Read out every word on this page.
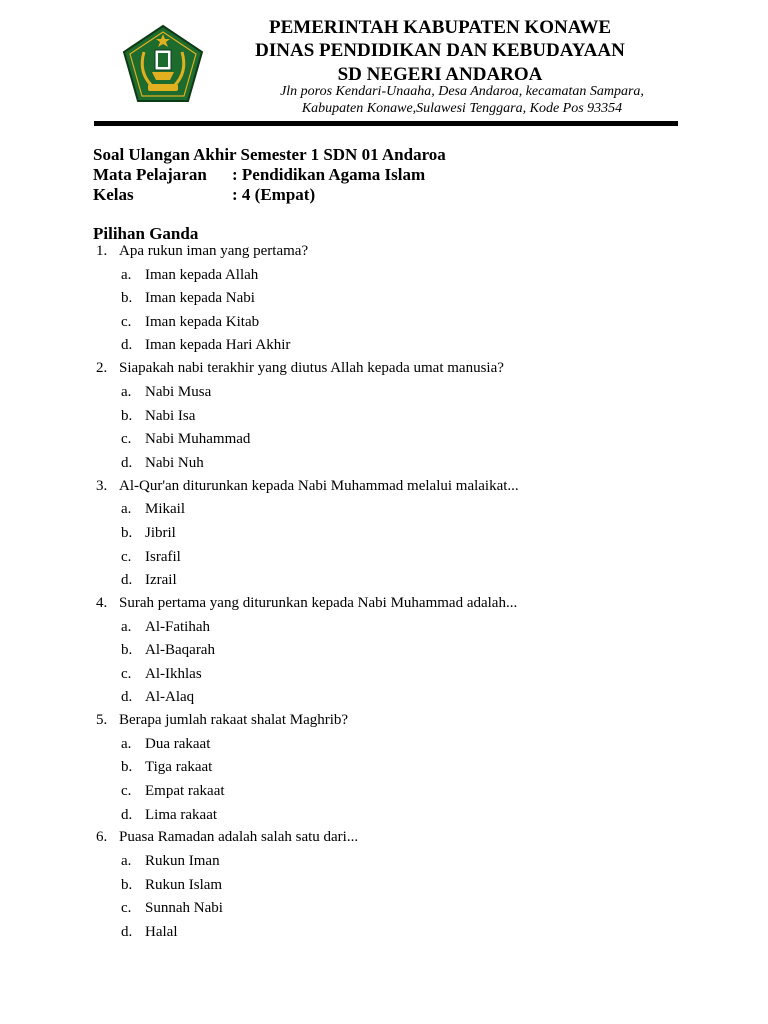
PEMERINTAH KABUPATEN KONAWE
DINAS PENDIDIKAN DAN KEBUDAYAAN
SD NEGERI ANDAROA
Jln poros Kendari-Unaaha, Desa Andaroa, kecamatan Sampara,
Kabupaten Konawe,Sulawesi Tenggara, Kode Pos 93354
Soal Ulangan Akhir Semester 1 SDN 01 Andaroa
Mata Pelajaran : Pendidikan Agama Islam
Kelas	: 4 (Empat)
Pilihan Ganda
1. Apa rukun iman yang pertama?
a. Iman kepada Allah
b. Iman kepada Nabi
c. Iman kepada Kitab
d. Iman kepada Hari Akhir
2. Siapakah nabi terakhir yang diutus Allah kepada umat manusia?
a. Nabi Musa
b. Nabi Isa
c. Nabi Muhammad
d. Nabi Nuh
3. Al-Qur'an diturunkan kepada Nabi Muhammad melalui malaikat...
a. Mikail
b. Jibril
c. Israfil
d. Izrail
4. Surah pertama yang diturunkan kepada Nabi Muhammad adalah...
a. Al-Fatihah
b. Al-Baqarah
c. Al-Ikhlas
d. Al-Alaq
5. Berapa jumlah rakaat shalat Maghrib?
a. Dua rakaat
b. Tiga rakaat
c. Empat rakaat
d. Lima rakaat
6. Puasa Ramadan adalah salah satu dari...
a. Rukun Iman
b. Rukun Islam
c. Sunnah Nabi
d. Halal
